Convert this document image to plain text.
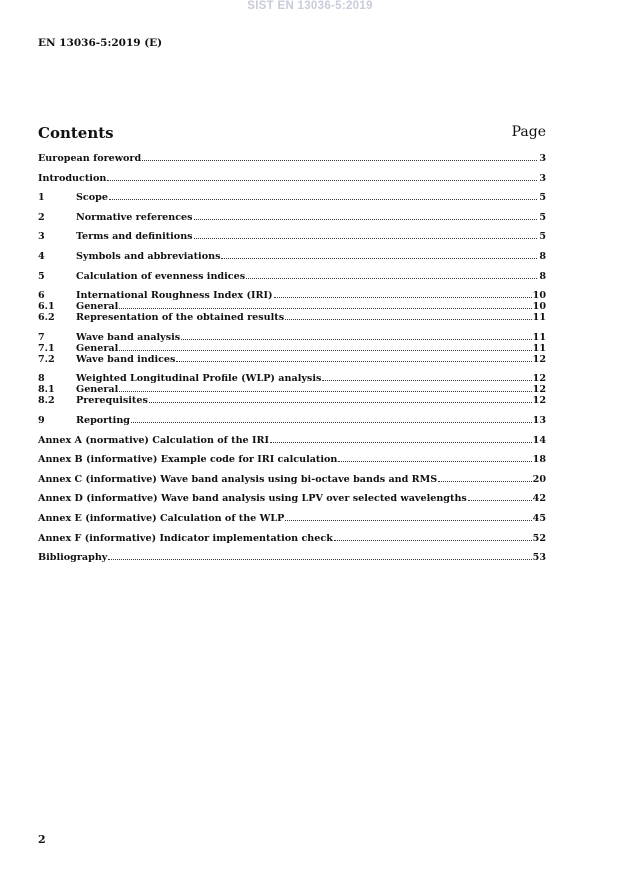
SIST EN 13036-5:2019
EN 13036-5:2019 (E)
Contents	Page
European foreword	3
Introduction	3
1	Scope	5
2	Normative references	5
3	Terms and definitions	5
4	Symbols and abbreviations	8
5	Calculation of evenness indices	8
6	International Roughness Index (IRI)	10
6.1	General	10
6.2	Representation of the obtained results	11
7	Wave band analysis	11
7.1	General	11
7.2	Wave band indices	12
8	Weighted Longitudinal Profile (WLP) analysis	12
8.1	General	12
8.2	Prerequisites	12
9	Reporting	13
Annex A (normative) Calculation of the IRI	14
Annex B (informative) Example code for IRI calculation	18
Annex C (informative) Wave band analysis using bi-octave bands and RMS	20
Annex D (informative) Wave band analysis using LPV over selected wavelengths	42
Annex E (informative) Calculation of the WLP	45
Annex F (informative) Indicator implementation check	52
Bibliography	53
2
